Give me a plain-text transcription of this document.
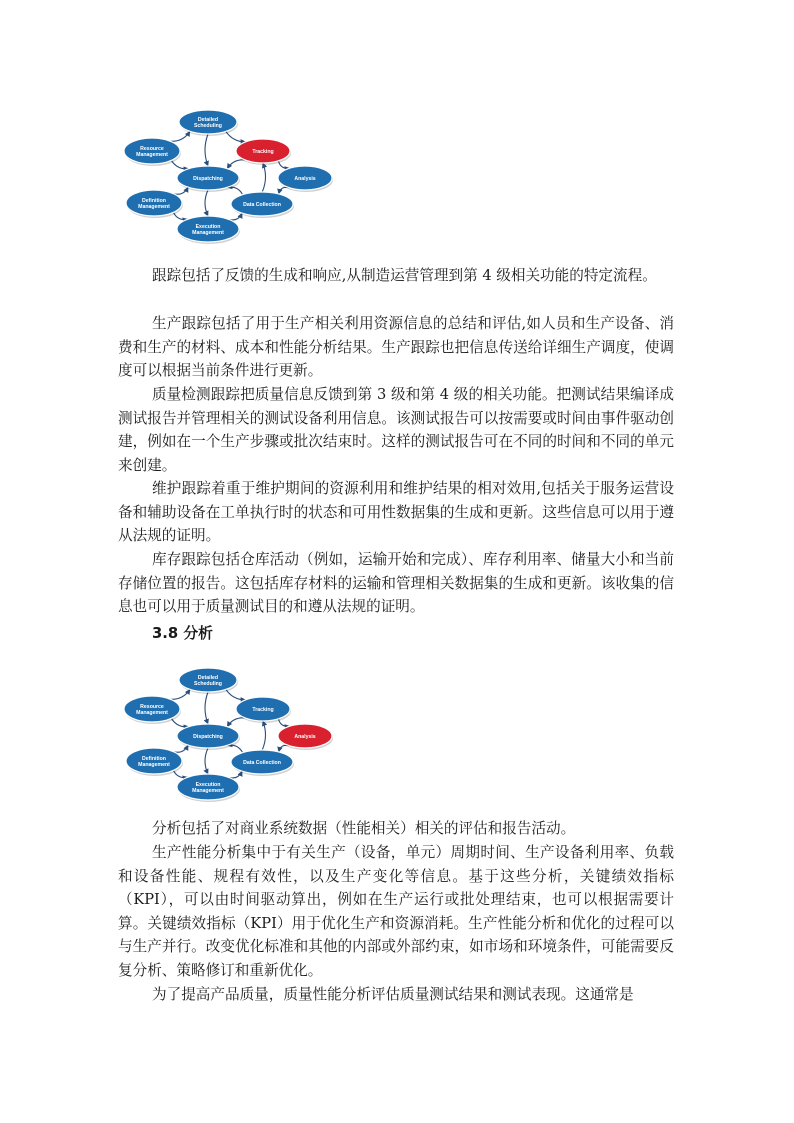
Detailed
Scheduling
Resource
Management	Tracking
Dispatching	Analysis
Definition
Management	Data Collection
Execution
Management

跟踪包括了反馈的生成和响应,从制造运营管理到第 4 级相关功能的特定流程。

生产跟踪包括了用于生产相关利用资源信息的总结和评估,如人员和生产设备、消费和生产的材料、成本和性能分析结果。生产跟踪也把信息传送给详细生产调度，使调度可以根据当前条件进行更新。

质量检测跟踪把质量信息反馈到第 3 级和第 4 级的相关功能。把测试结果编译成测试报告并管理相关的测试设备利用信息。该测试报告可以按需要或时间由事件驱动创建，例如在一个生产步骤或批次结束时。这样的测试报告可在不同的时间和不同的单元来创建。

维护跟踪着重于维护期间的资源利用和维护结果的相对效用,包括关于服务运营设备和辅助设备在工单执行时的状态和可用性数据集的生成和更新。这些信息可以用于遵从法规的证明。

库存跟踪包括仓库活动（例如，运输开始和完成）、库存利用率、储量大小和当前存储位置的报告。这包括库存材料的运输和管理相关数据集的生成和更新。该收集的信息也可以用于质量测试目的和遵从法规的证明。

3.8 分析
Detailed
Scheduling
Resource
Management	Tracking
Dispatching	Analysis
Definition
Management	Data Collection
Execution
Management

分析包括了对商业系统数据（性能相关）相关的评估和报告活动。

生产性能分析集中于有关生产（设备，单元）周期时间、生产设备利用率、负载和设备性能、规程有效性，以及生产变化等信息。基于这些分析，关键绩效指标（KPI），可以由时间驱动算出，例如在生产运行或批处理结束，也可以根据需要计算。关键绩效指标（KPI）用于优化生产和资源消耗。生产性能分析和优化的过程可以与生产并行。改变优化标准和其他的内部或外部约束，如市场和环境条件，可能需要反复分析、策略修订和重新优化。

为了提高产品质量，质量性能分析评估质量测试结果和测试表现。这通常是
